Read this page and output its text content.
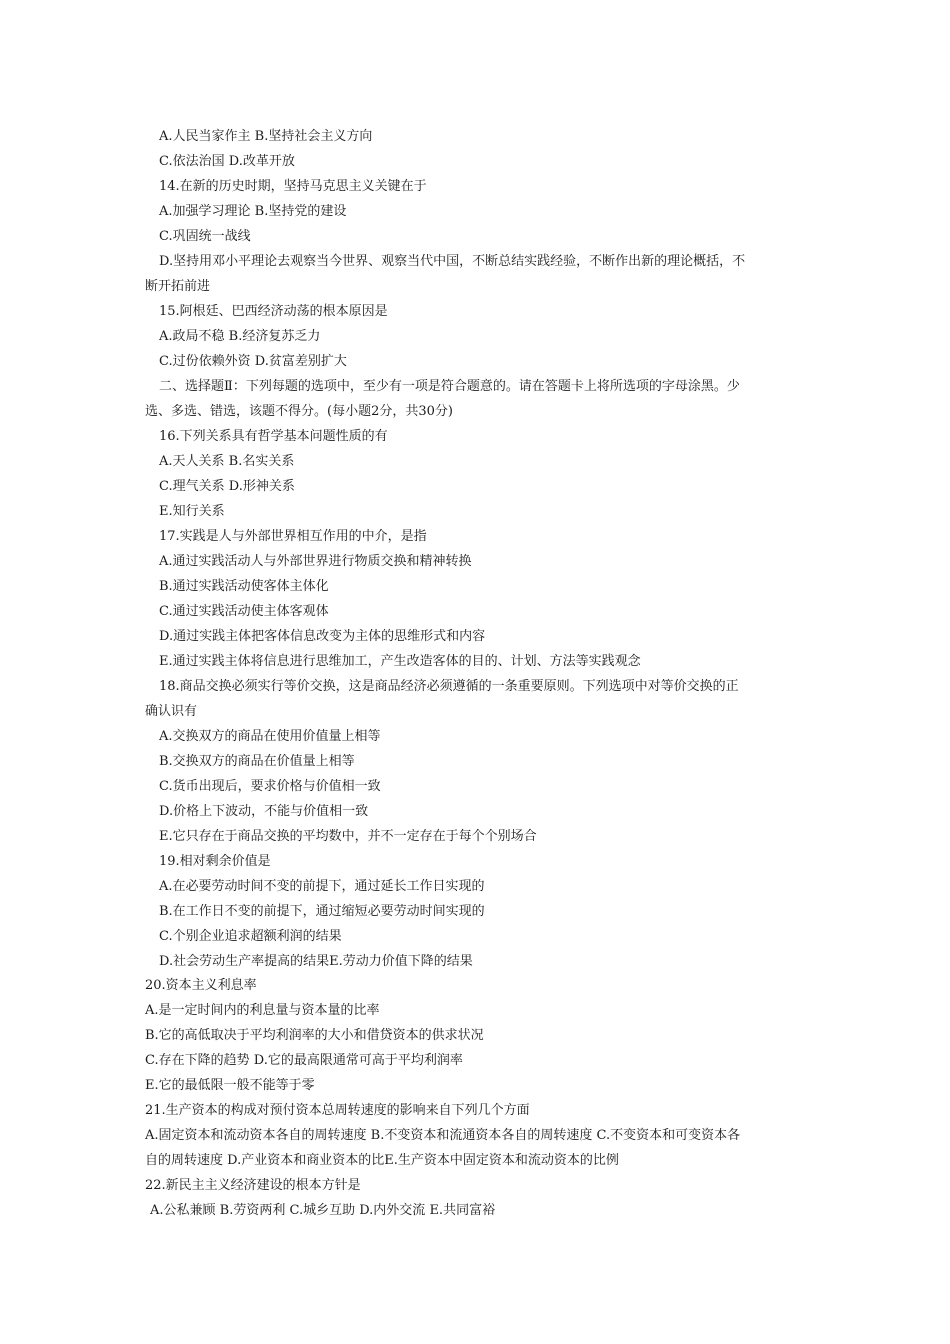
A.人民当家作主 B.坚持社会主义方向
C.依法治国 D.改革开放
14.在新的历史时期，坚持马克思主义关键在于
A.加强学习理论 B.坚持党的建设
C.巩固统一战线
D.坚持用邓小平理论去观察当今世界、观察当代中国，不断总结实践经验，不断作出新的理论概括，不
断开拓前进
15.阿根廷、巴西经济动荡的根本原因是
A.政局不稳 B.经济复苏乏力
C.过份依赖外资 D.贫富差别扩大
二、选择题Ⅱ：下列每题的选项中，至少有一项是符合题意的。请在答题卡上将所选项的字母涂黑。少
选、多选、错选，该题不得分。(每小题2分，共30分)
16.下列关系具有哲学基本问题性质的有
A.天人关系 B.名实关系
C.理气关系 D.形神关系
E.知行关系
17.实践是人与外部世界相互作用的中介，是指
A.通过实践活动人与外部世界进行物质交换和精神转换
B.通过实践活动使客体主体化
C.通过实践活动使主体客观体
D.通过实践主体把客体信息改变为主体的思维形式和内容
E.通过实践主体将信息进行思维加工，产生改造客体的目的、计划、方法等实践观念
18.商品交换必须实行等价交换，这是商品经济必须遵循的一条重要原则。下列选项中对等价交换的正
确认识有
A.交换双方的商品在使用价值量上相等
B.交换双方的商品在价值量上相等
C.货币出现后，要求价格与价值相一致
D.价格上下波动，不能与价值相一致
E.它只存在于商品交换的平均数中，并不一定存在于每个个别场合
19.相对剩余价值是
A.在必要劳动时间不变的前提下，通过延长工作日实现的
B.在工作日不变的前提下，通过缩短必要劳动时间实现的
C.个别企业追求超额利润的结果
D.社会劳动生产率提高的结果E.劳动力价值下降的结果
20.资本主义利息率
A.是一定时间内的利息量与资本量的比率
B.它的高低取决于平均利润率的大小和借贷资本的供求状况
C.存在下降的趋势 D.它的最高限通常可高于平均利润率
E.它的最低限一般不能等于零
21.生产资本的构成对预付资本总周转速度的影响来自下列几个方面
A.固定资本和流动资本各自的周转速度 B.不变资本和流通资本各自的周转速度 C.不变资本和可变资本各
自的周转速度 D.产业资本和商业资本的比E.生产资本中固定资本和流动资本的比例
22.新民主主义经济建设的根本方针是
A.公私兼顾 B.劳资两利 C.城乡互助 D.内外交流 E.共同富裕
